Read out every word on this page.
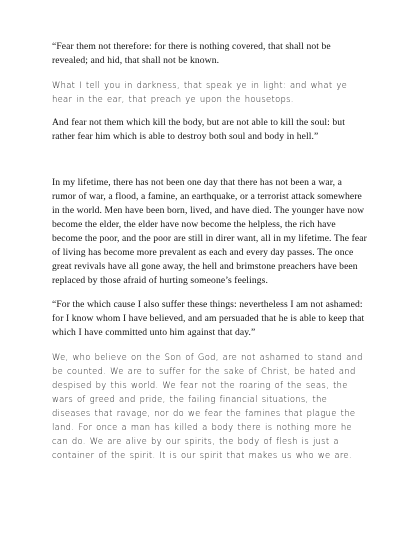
“Fear them not therefore: for there is nothing covered, that shall not be revealed; and hid, that shall not be known.

What I tell you in darkness, that speak ye in light: and what ye hear in the ear, that preach ye upon the housetops.

And fear not them which kill the body, but are not able to kill the soul: but rather fear him which is able to destroy both soul and body in hell.”

In my lifetime, there has not been one day that there has not been a war, a rumor of war, a flood, a famine, an earthquake, or a terrorist attack somewhere in the world. Men have been born, lived, and have died. The younger have now become the elder, the elder have now become the helpless, the rich have become the poor, and the poor are still in direr want, all in my lifetime. The fear of living has become more prevalent as each and every day passes. The once great revivals have all gone away, the hell and brimstone preachers have been replaced by those afraid of hurting someone’s feelings.

“For the which cause I also suffer these things: nevertheless I am not ashamed: for I know whom I have believed, and am persuaded that he is able to keep that which I have committed unto him against that day.”

We, who believe on the Son of God, are not ashamed to stand and be counted. We are to suffer for the sake of Christ, be hated and despised by this world. We fear not the roaring of the seas, the wars of greed and pride, the failing financial situations, the diseases that ravage, nor do we fear the famines that plague the land. For once a man has killed a body there is nothing more he can do. We are alive by our spirits, the body of flesh is just a container of the spirit. It is our spirit that makes us who we are.
